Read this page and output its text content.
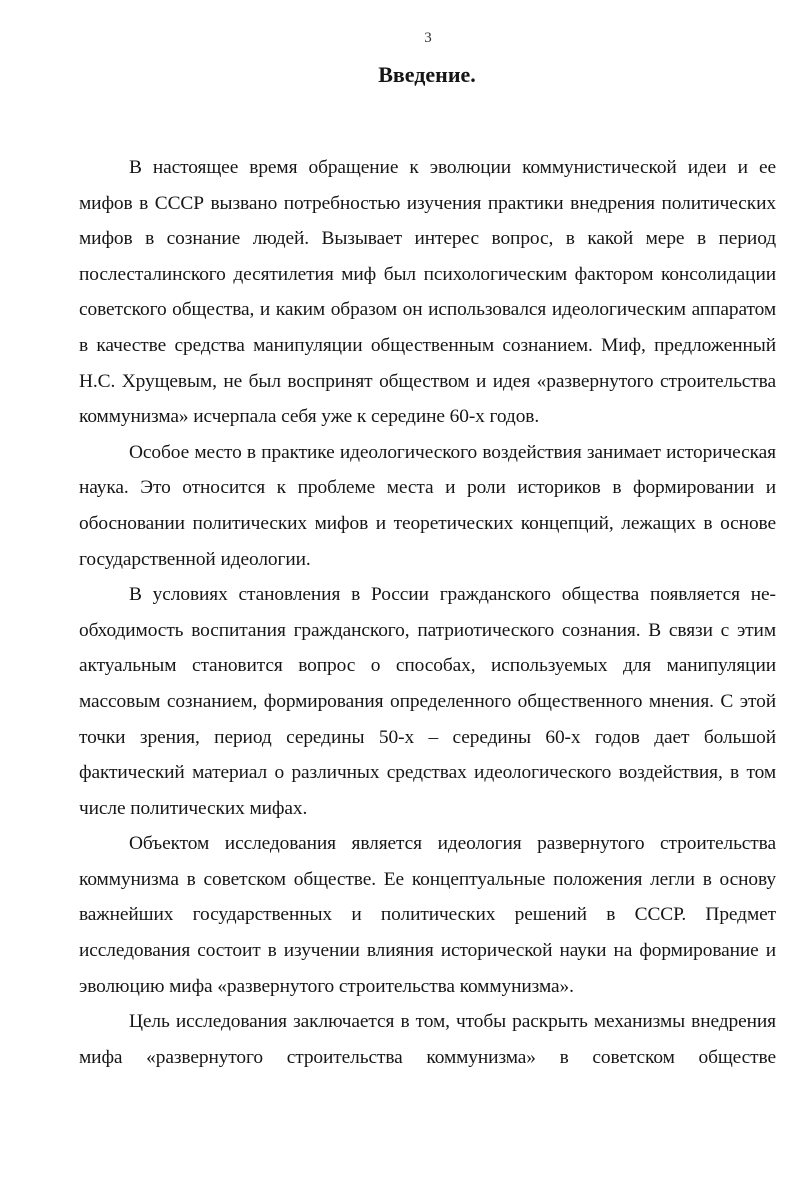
3
Введение.

В настоящее время обращение к эволюции коммунистической идеи и ее мифов в СССР вызвано потребностью изучения практики внедрения политических мифов в сознание людей. Вызывает интерес вопрос, в какой мере в период послесталинского десятилетия миф был психологическим фактором консолидации советского общества, и каким образом он использовался идеологическим аппаратом в качестве средства манипуляции общественным сознанием. Миф, предложенный Н.С. Хрущевым, не был воспринят обществом и идея «развернутого строительства коммунизма» исчерпала себя уже к середине 60-х годов.

Особое место в практике идеологического воздействия занимает историческая наука. Это относится к проблеме места и роли историков в формировании и обосновании политических мифов и теоретических концепций, лежащих в основе государственной идеологии.

В условиях становления в России гражданского общества появляется необходимость воспитания гражданского, патриотического сознания. В связи с этим актуальным становится вопрос о способах, используемых для манипуляции массовым сознанием, формирования определенного общественного мнения. С этой точки зрения, период середины 50-х – середины 60-х годов дает большой фактический материал о различных средствах идеологического воздействия, в том числе политических мифах.

Объектом исследования является идеология развернутого строительства коммунизма в советском обществе. Ее концептуальные положения легли в основу важнейших государственных и политических решений в СССР. Предмет исследования состоит в изучении влияния исторической науки на формирование и эволюцию мифа «развернутого строительства коммунизма».

Цель исследования заключается в том, чтобы раскрыть механизмы внедрения мифа «развернутого строительства коммунизма» в советском обществе
